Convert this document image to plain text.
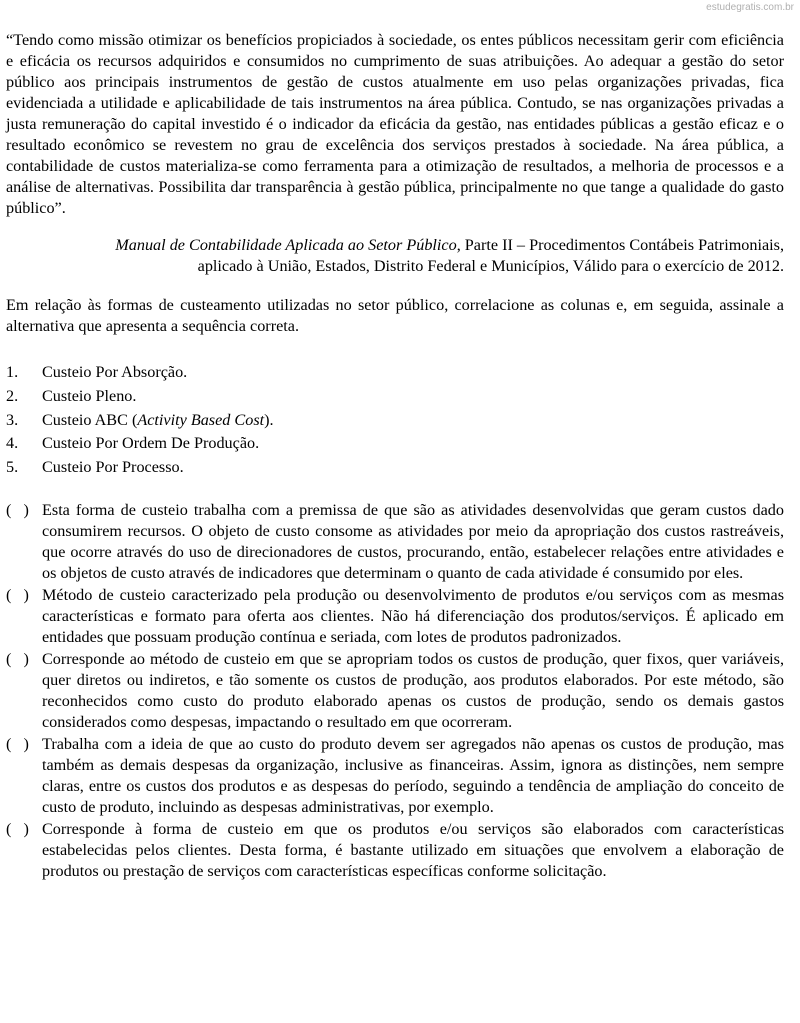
estudegratis.com.br

“Tendo como missão otimizar os benefícios propiciados à sociedade, os entes públicos necessitam gerir com eficiência e eficácia os recursos adquiridos e consumidos no cumprimento de suas atribuições. Ao adequar a gestão do setor público aos principais instrumentos de gestão de custos atualmente em uso pelas organizações privadas, fica evidenciada a utilidade e aplicabilidade de tais instrumentos na área pública. Contudo, se nas organizações privadas a justa remuneração do capital investido é o indicador da eficácia da gestão, nas entidades públicas a gestão eficaz e o resultado econômico se revestem no grau de excelência dos serviços prestados à sociedade. Na área pública, a contabilidade de custos materializa-se como ferramenta para a otimização de resultados, a melhoria de processos e a análise de alternativas. Possibilita dar transparência à gestão pública, principalmente no que tange a qualidade do gasto público”.

Manual de Contabilidade Aplicada ao Setor Público, Parte II – Procedimentos Contábeis Patrimoniais,
aplicado à União, Estados, Distrito Federal e Municípios, Válido para o exercício de 2012.

Em relação às formas de custeamento utilizadas no setor público, correlacione as colunas e, em seguida, assinale a alternativa que apresenta a sequência correta.

1. Custeio Por Absorção.
2. Custeio Pleno.
3. Custeio ABC (Activity Based Cost).
4. Custeio Por Ordem De Produção.
5. Custeio Por Processo.
(   ) Esta forma de custeio trabalha com a premissa de que são as atividades desenvolvidas que geram custos dado consumirem recursos. O objeto de custo consome as atividades por meio da apropriação dos custos rastreáveis, que ocorre através do uso de direcionadores de custos, procurando, então, estabelecer relações entre atividades e os objetos de custo através de indicadores que determinam o quanto de cada atividade é consumido por eles.
(   ) Método de custeio caracterizado pela produção ou desenvolvimento de produtos e/ou serviços com as mesmas características e formato para oferta aos clientes. Não há diferenciação dos produtos/serviços. É aplicado em entidades que possuam produção contínua e seriada, com lotes de produtos padronizados.
(   ) Corresponde ao método de custeio em que se apropriam todos os custos de produção, quer fixos, quer variáveis, quer diretos ou indiretos, e tão somente os custos de produção, aos produtos elaborados. Por este método, são reconhecidos como custo do produto elaborado apenas os custos de produção, sendo os demais gastos considerados como despesas, impactando o resultado em que ocorreram.
(   ) Trabalha com a ideia de que ao custo do produto devem ser agregados não apenas os custos de produção, mas também as demais despesas da organização, inclusive as financeiras. Assim, ignora as distinções, nem sempre claras, entre os custos dos produtos e as despesas do período, seguindo a tendência de ampliação do conceito de custo de produto, incluindo as despesas administrativas, por exemplo.
(   ) Corresponde à forma de custeio em que os produtos e/ou serviços são elaborados com características estabelecidas pelos clientes. Desta forma, é bastante utilizado em situações que envolvem a elaboração de produtos ou prestação de serviços com características específicas conforme solicitação.
